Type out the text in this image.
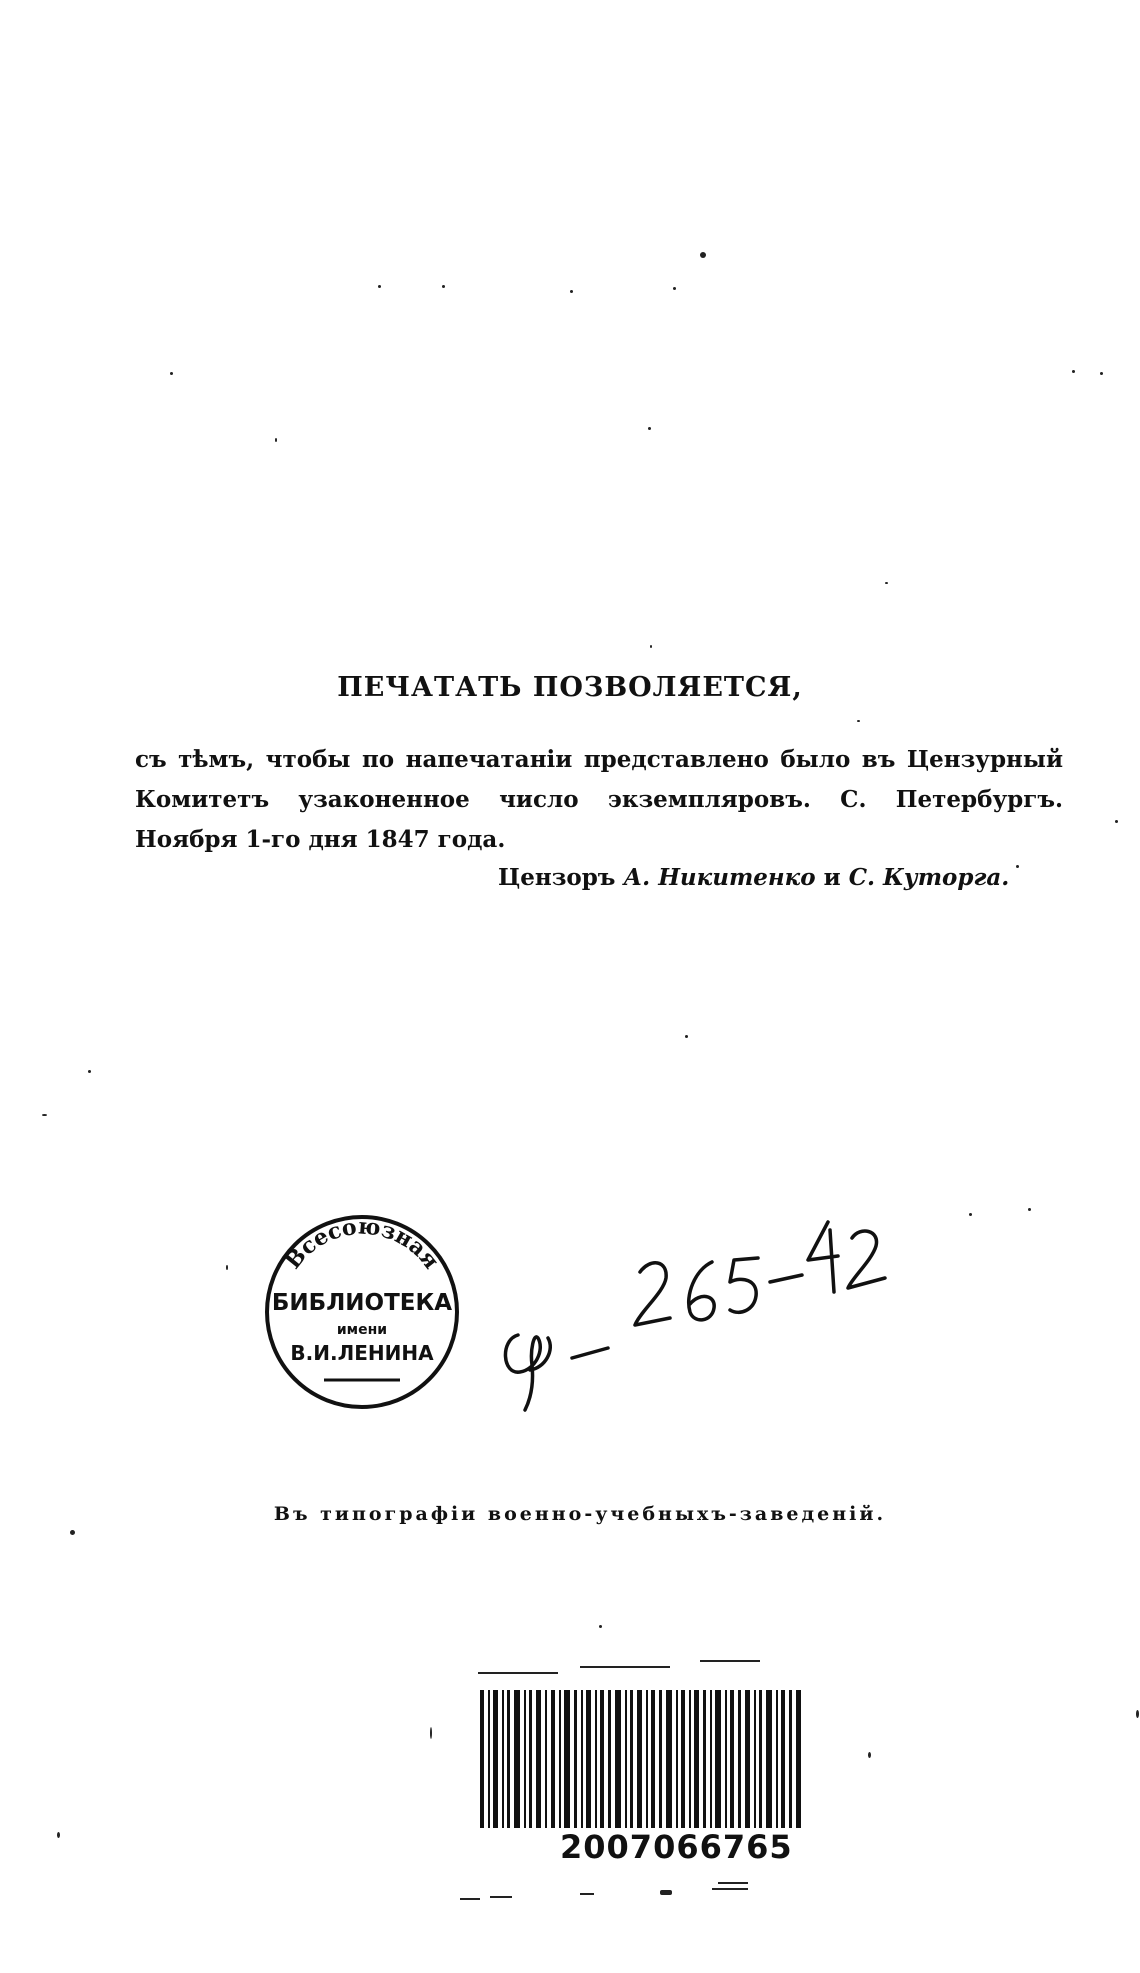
ПЕЧАТАТЬ ПОЗВОЛЯЕТСЯ,
съ тѣмъ, чтобы по напечатаніи представлено было въ Цензурный Комитетъ узаконенное число экземпляровъ. С. Петербургъ. Ноября 1-го дня 1847 года.
Цензоръ А. Никитенко и С. Куторга.
Всесоюзная
БИБЛИОТЕКА
имени
В.И.ЛЕНИНА
Въ типографіи военно-учебныхъ-заведеній.
2007066765
